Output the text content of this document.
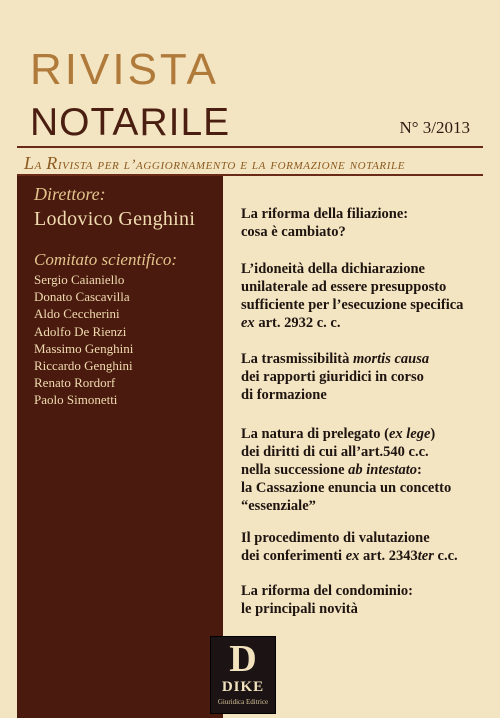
RIVISTA
NOTARILE	N° 3/2013
La Rivista per l’aggiornamento e la formazione notarile
Direttore:
Lodovico Genghini
Comitato scientifico:
Sergio Caianiello
Donato Cascavilla
Aldo Ceccherini
Adolfo De Rienzi
Massimo Genghini
Riccardo Genghini
Renato Rordorf
Paolo Simonetti
D
DIKE
Giuridica Editrice
La riforma della filiazione:
cosa è cambiato?
L’idoneità della dichiarazione
unilaterale ad essere presupposto
sufficiente per l’esecuzione specifica
ex art. 2932 c. c.
La trasmissibilità mortis causa
dei rapporti giuridici in corso
di formazione
La natura di prelegato (ex lege)
dei diritti di cui all’art.540 c.c.
nella successione ab intestato:
la Cassazione enuncia un concetto
“essenziale”
Il procedimento di valutazione
dei conferimenti ex art. 2343ter c.c.
La riforma del condominio:
le principali novità
